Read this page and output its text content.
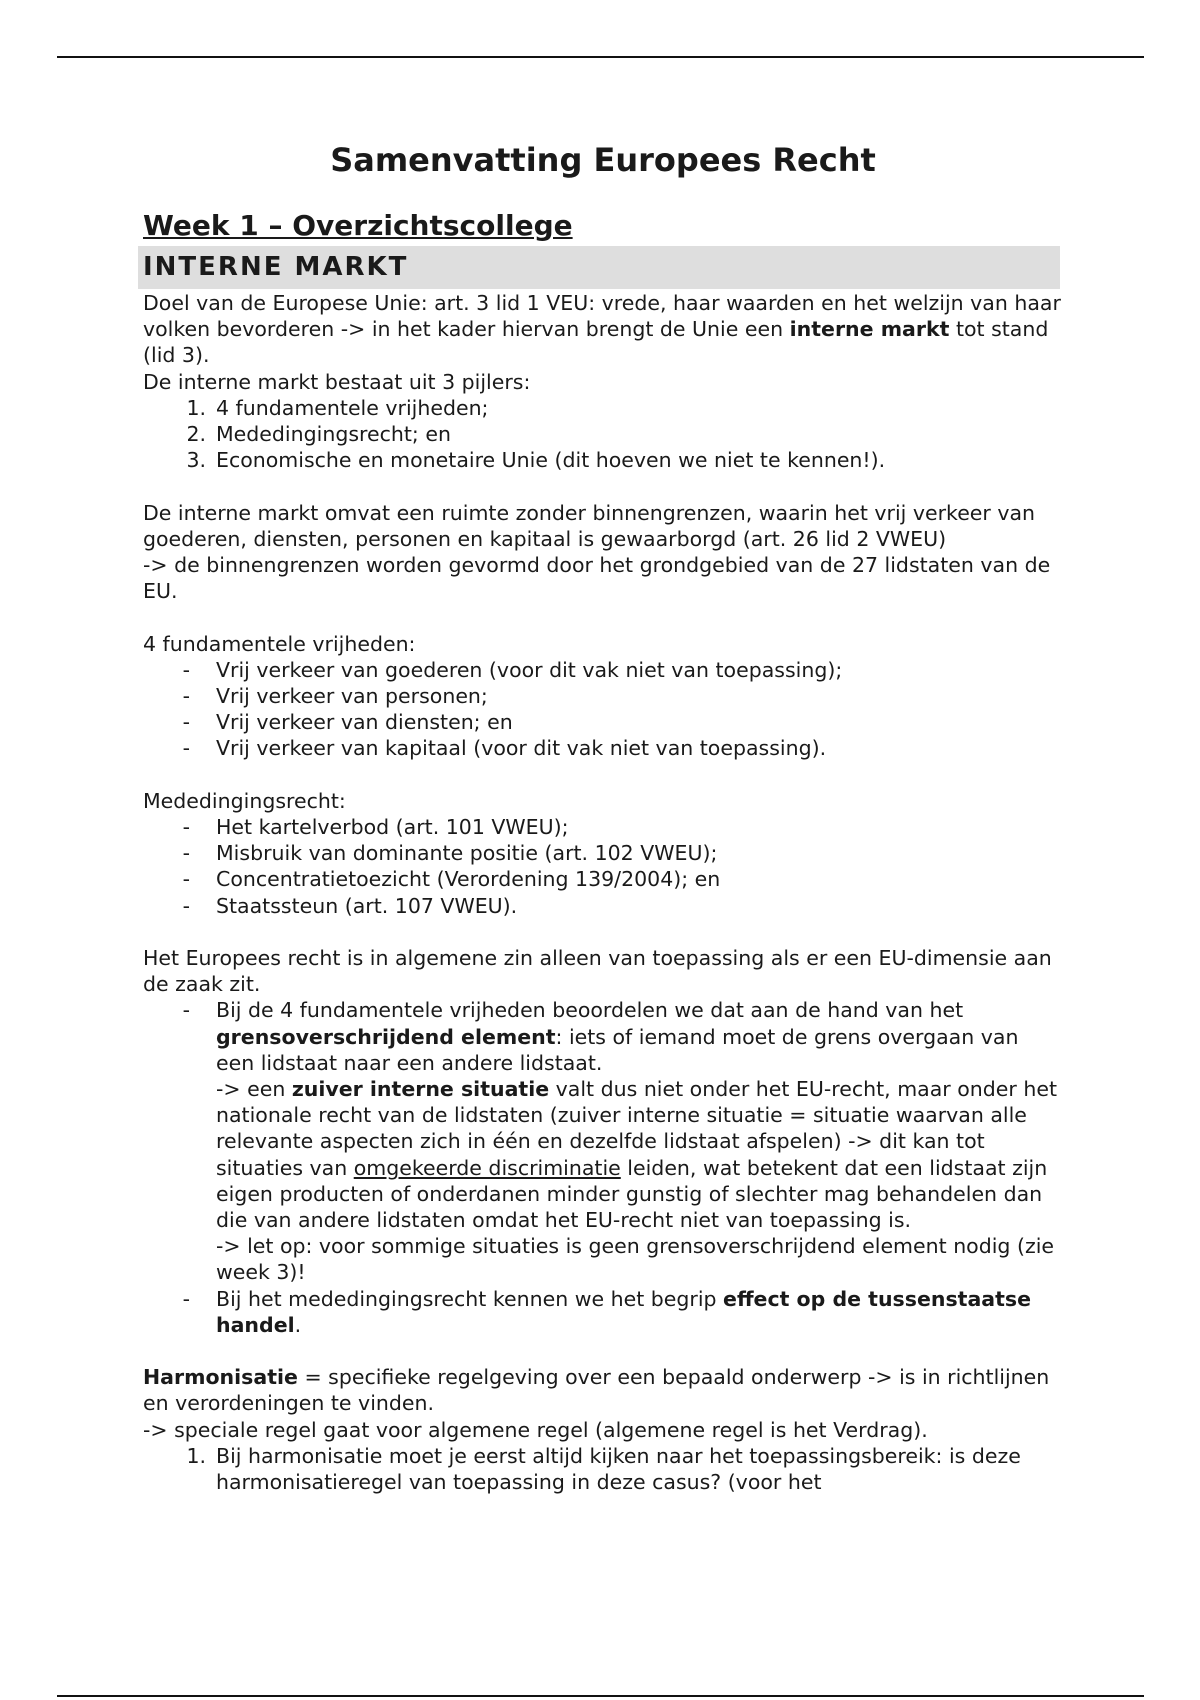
Samenvatting Europees Recht
Week 1 – Overzichtscollege
INTERNE MARKT

Doel van de Europese Unie: art. 3 lid 1 VEU: vrede, haar waarden en het welzijn van haar volken bevorderen -> in het kader hiervan brengt de Unie een interne markt tot stand (lid 3).

De interne markt bestaat uit 3 pijlers:

1. 4 fundamentele vrijheden;
2. Mededingingsrecht; en
3. Economische en monetaire Unie (dit hoeven we niet te kennen!).

De interne markt omvat een ruimte zonder binnengrenzen, waarin het vrij verkeer van goederen, diensten, personen en kapitaal is gewaarborgd (art. 26 lid 2 VWEU)

-> de binnengrenzen worden gevormd door het grondgebied van de 27 lidstaten van de EU.

4 fundamentele vrijheden:

-	Vrij verkeer van goederen (voor dit vak niet van toepassing);
-	Vrij verkeer van personen;
-	Vrij verkeer van diensten; en
-	Vrij verkeer van kapitaal (voor dit vak niet van toepassing).

Mededingingsrecht:

-	Het kartelverbod (art. 101 VWEU);
-	Misbruik van dominante positie (art. 102 VWEU);
-	Concentratietoezicht (Verordening 139/2004); en
-	Staatssteun (art. 107 VWEU).

Het Europees recht is in algemene zin alleen van toepassing als er een EU-dimensie aan de zaak zit.

-	Bij de 4 fundamentele vrijheden beoordelen we dat aan de hand van het grensoverschrijdend element: iets of iemand moet de grens overgaan van een lidstaat naar een andere lidstaat.
-> een zuiver interne situatie valt dus niet onder het EU-recht, maar onder het nationale recht van de lidstaten (zuiver interne situatie = situatie waarvan alle relevante aspecten zich in één en dezelfde lidstaat afspelen) -> dit kan tot situaties van omgekeerde discriminatie leiden, wat betekent dat een lidstaat zijn eigen producten of onderdanen minder gunstig of slechter mag behandelen dan die van andere lidstaten omdat het EU-recht niet van toepassing is.
-> let op: voor sommige situaties is geen grensoverschrijdend element nodig (zie week 3)!
-	Bij het mededingingsrecht kennen we het begrip effect op de tussenstaatse handel.

Harmonisatie = specifieke regelgeving over een bepaald onderwerp -> is in richtlijnen en verordeningen te vinden.

-> speciale regel gaat voor algemene regel (algemene regel is het Verdrag).

1. Bij harmonisatie moet je eerst altijd kijken naar het toepassingsbereik: is deze harmonisatieregel van toepassing in deze casus? (voor het
